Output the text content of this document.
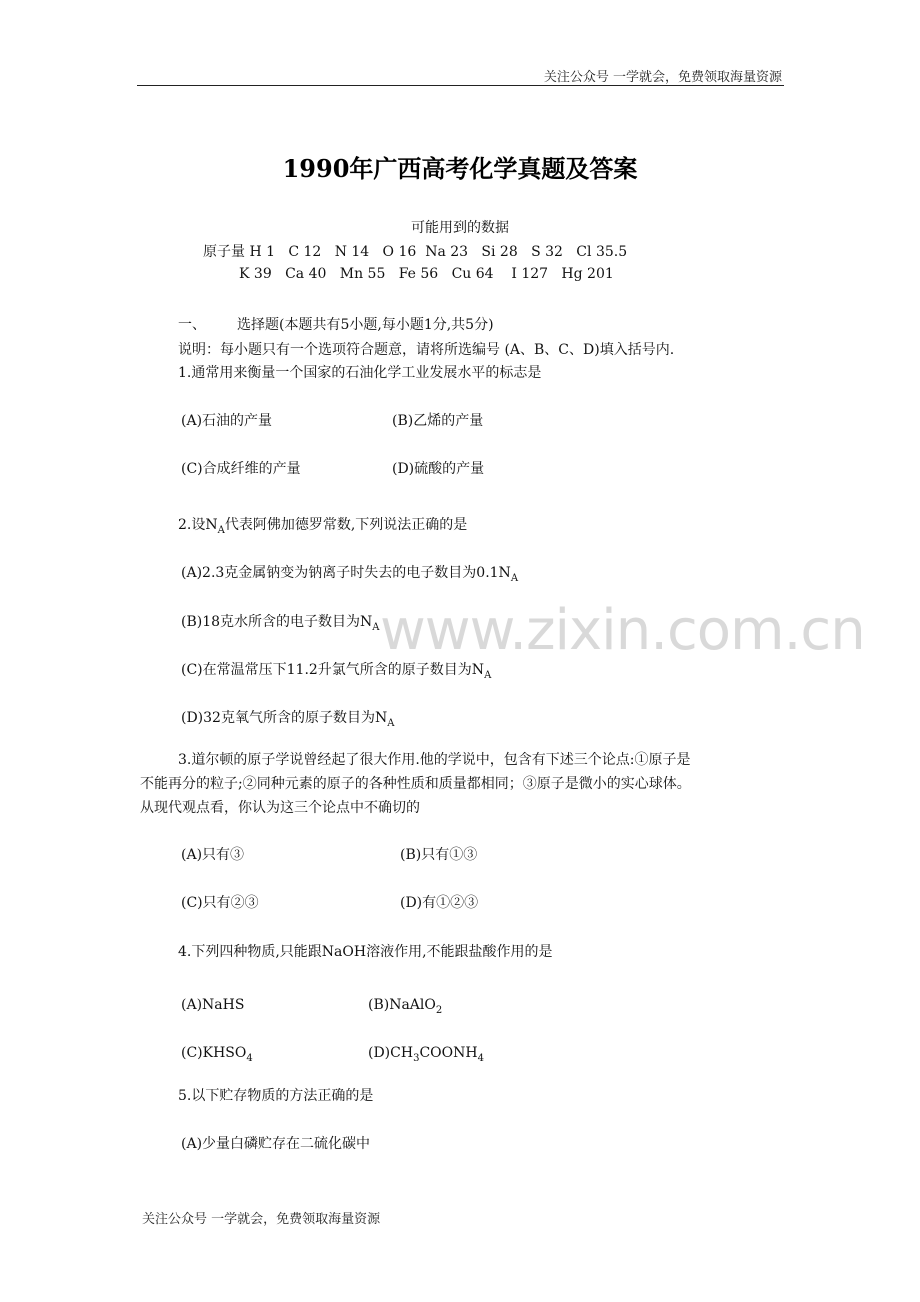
关注公众号 一学就会，免费领取海量资源
1990年广西高考化学真题及答案
可能用到的数据
原子量 H 1   C 12   N 14   O 16  Na 23   Si 28   S 32   Cl 35.5
K 39   Ca 40   Mn 55   Fe 56   Cu 64    I 127   Hg 201
一、 选择题(本题共有5小题,每小题1分,共5分)
说明：每小题只有一个选项符合题意，请将所选编号 (A、B、C、D)填入括号内.
1.通常用来衡量一个国家的石油化学工业发展水平的标志是
(A)石油的产量	(B)乙烯的产量
(C)合成纤维的产量	(D)硫酸的产量
2.设$N_A$代表阿佛加德罗常数,下列说法正确的是
(A)2.3克金属钠变为钠离子时失去的电子数目为$0.1N_A$
(B)18克水所含的电子数目为$N_A$
(C)在常温常压下11.2升氯气所含的原子数目为$N_A$
(D)32克氧气所含的原子数目为$N_A$
www.zixin.com.cn
3.道尔顿的原子学说曾经起了很大作用.他的学说中，包含有下述三个论点:①原子是
不能再分的粒子;②同种元素的原子的各种性质和质量都相同；③原子是微小的实心球体。
从现代观点看，你认为这三个论点中不确切的
(A)只有③	(B)只有①③
(C)只有②③	(D)有①②③
4.下列四种物质,只能跟NaOH溶液作用,不能跟盐酸作用的是
(A)NaHS	(B)NaAlO$_2$
$(C)KHSO_4$	$(D)CH_3COONH_4$
5.以下贮存物质的方法正确的是
(A)少量白磷贮存在二硫化碳中
关注公众号 一学就会，免费领取海量资源
